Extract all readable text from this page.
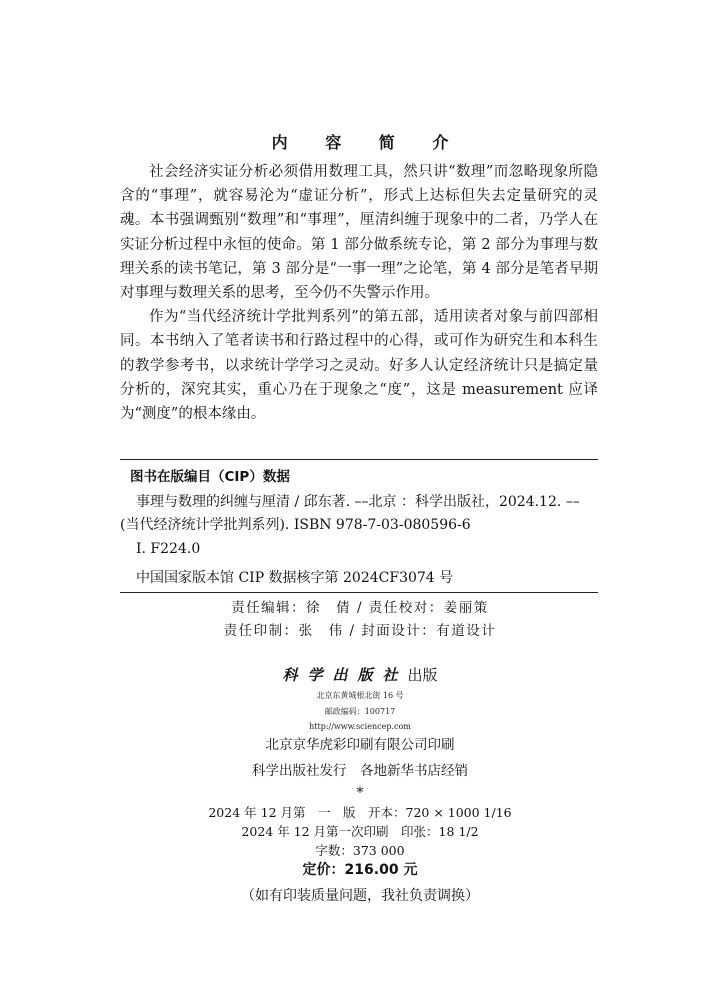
内 容 简 介

社会经济实证分析必须借用数理工具，然只讲“数理”而忽略现象所隐含的“事理”，就容易沦为“虚证分析”，形式上达标但失去定量研究的灵魂。本书强调甄别“数理”和“事理”，厘清纠缠于现象中的二者，乃学人在实证分析过程中永恒的使命。第 1 部分做系统专论，第 2 部分为事理与数理关系的读书笔记，第 3 部分是“一事一理”之论笔，第 4 部分是笔者早期对事理与数理关系的思考，至今仍不失警示作用。

作为“当代经济统计学批判系列”的第五部，适用读者对象与前四部相同。本书纳入了笔者读书和行路过程中的心得，或可作为研究生和本科生的教学参考书，以求统计学学习之灵动。好多人认定经济统计只是搞定量分析的，深究其实，重心乃在于现象之“度”，这是 measurement 应译为“测度”的根本缘由。

图书在版编目（CIP）数据
事理与数理的纠缠与厘清 / 邱东著. ––北京 ：科学出版社，2024.12. ––
(当代经济统计学批判系列). ISBN 978-7-03-080596-6
Ⅰ. F224.0
中国国家版本馆 CIP 数据核字第 2024CF3074 号
责任编辑：徐　倩 / 责任校对：姜丽策
责任印制：张　伟 / 封面设计：有道设计
科学出版社出版
北京东黄城根北街 16 号
邮政编码：100717
http://www.sciencep.com
北京京华虎彩印刷有限公司印刷
科学出版社发行　各地新华书店经销
*
2024 年 12 月第　一　版　开本：720 × 1000 1/16
2024 年 12 月第一次印刷　印张：18 1/2
字数：373 000
定价：216.00 元
（如有印装质量问题，我社负责调换）
